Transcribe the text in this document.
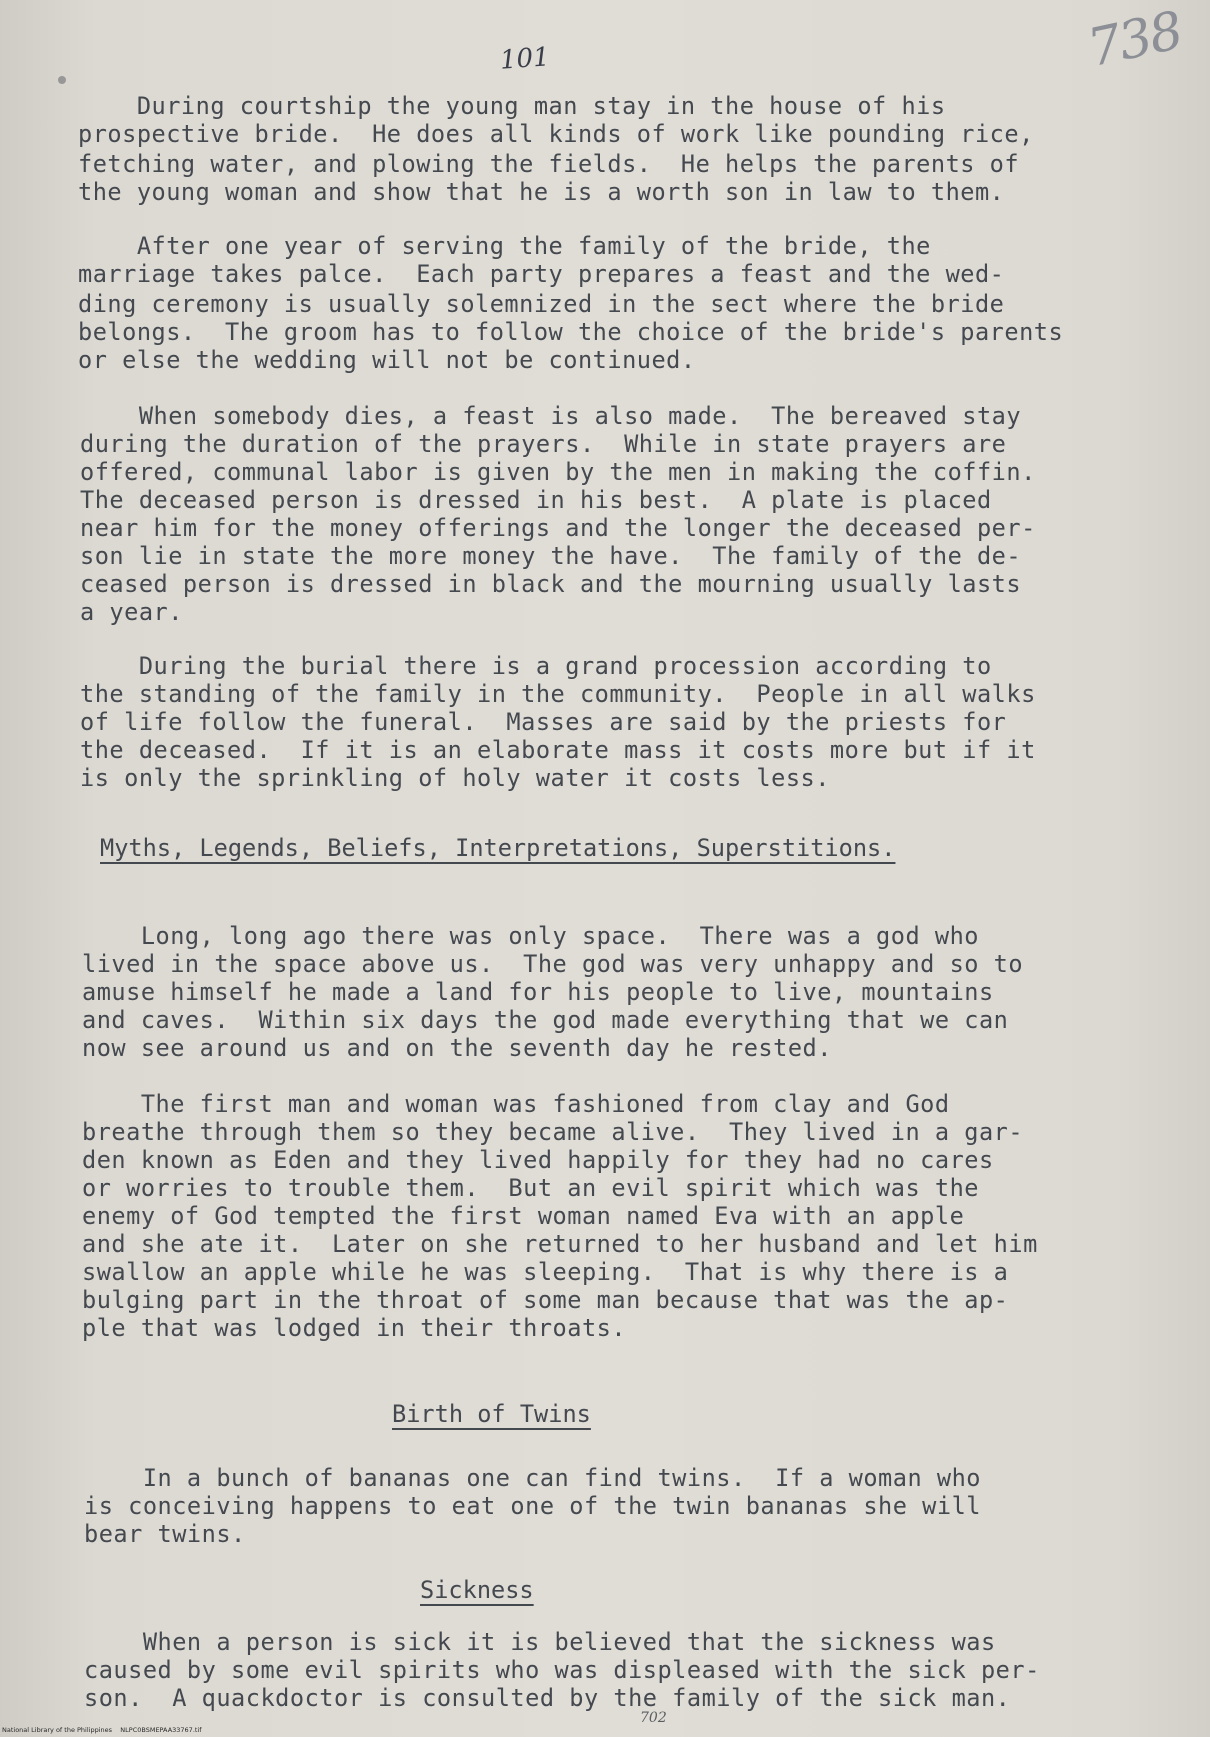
101	738
During courtship the young man stay in the house of his
prospective bride.  He does all kinds of work like pounding rice,
fetching water, and plowing the fields.  He helps the parents of
the young woman and show that he is a worth son in law to them.
After one year of serving the family of the bride, the
marriage takes palce.  Each party prepares a feast and the wed-
ding ceremony is usually solemnized in the sect where the bride
belongs.  The groom has to follow the choice of the bride's parents
or else the wedding will not be continued.
When somebody dies, a feast is also made.  The bereaved stay
during the duration of the prayers.  While in state prayers are
offered, communal labor is given by the men in making the coffin.
The deceased person is dressed in his best.  A plate is placed
near him for the money offerings and the longer the deceased per-
son lie in state the more money the have.  The family of the de-
ceased person is dressed in black and the mourning usually lasts
a year.
During the burial there is a grand procession according to
the standing of the family in the community.  People in all walks
of life follow the funeral.  Masses are said by the priests for
the deceased.  If it is an elaborate mass it costs more but if it
is only the sprinkling of holy water it costs less.
Myths, Legends, Beliefs, Interpretations, Superstitions.
Long, long ago there was only space.  There was a god who
lived in the space above us.  The god was very unhappy and so to
amuse himself he made a land for his people to live, mountains
and caves.  Within six days the god made everything that we can
now see around us and on the seventh day he rested.
The first man and woman was fashioned from clay and God
breathe through them so they became alive.  They lived in a gar-
den known as Eden and they lived happily for they had no cares
or worries to trouble them.  But an evil spirit which was the
enemy of God tempted the first woman named Eva with an apple
and she ate it.  Later on she returned to her husband and let him
swallow an apple while he was sleeping.  That is why there is a
bulging part in the throat of some man because that was the ap-
ple that was lodged in their throats.
Birth of Twins
In a bunch of bananas one can find twins.  If a woman who
is conceiving happens to eat one of the twin bananas she will
bear twins.
Sickness
When a person is sick it is believed that the sickness was
caused by some evil spirits who was displeased with the sick per-
son.  A quackdoctor is consulted by the family of the sick man.
702
National Library of the Philippines    NLPC0BSMEPAA33767.tif
